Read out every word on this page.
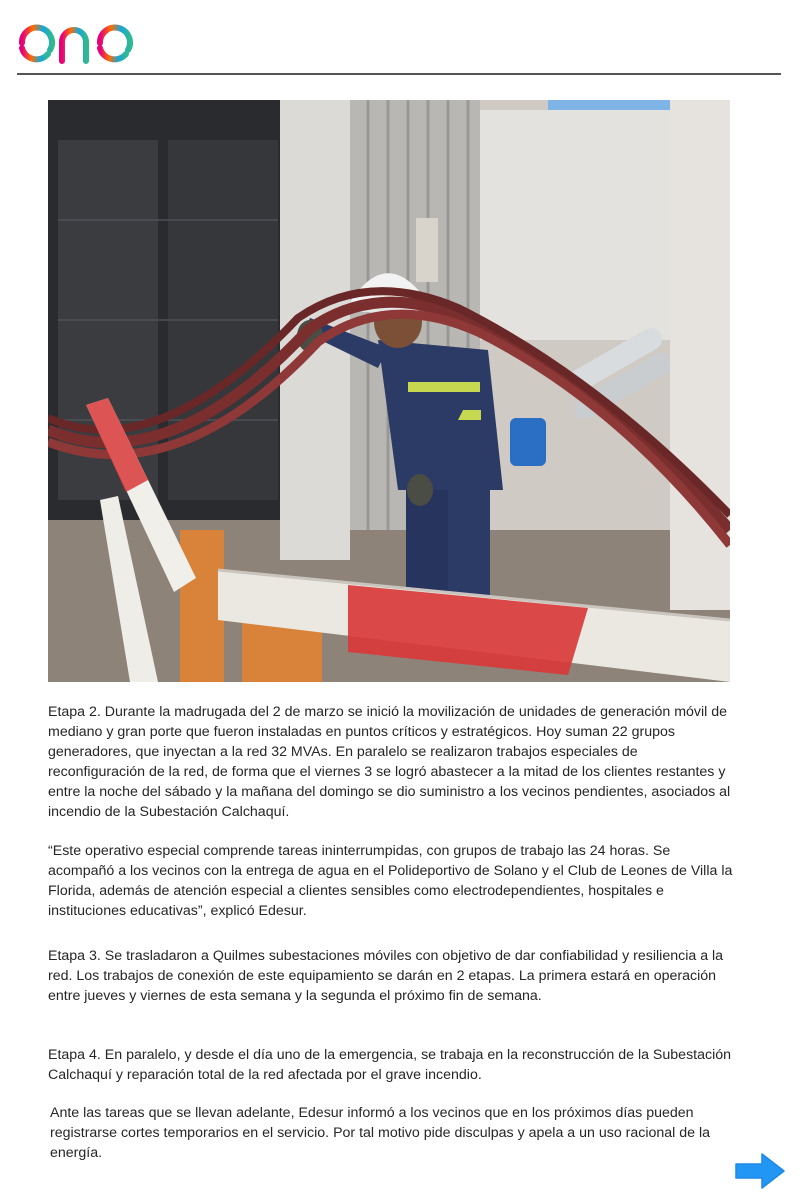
Etapa 2. Durante la madrugada del 2 de marzo se inició la movilización de unidades de generación móvil de mediano y gran porte que fueron instaladas en puntos críticos y estratégicos. Hoy suman 22 grupos generadores, que inyectan a la red 32 MVAs. En paralelo se realizaron trabajos especiales de reconfiguración de la red, de forma que el viernes 3 se logró abastecer a la mitad de los clientes restantes y entre la noche del sábado y la mañana del domingo se dio suministro a los vecinos pendientes, asociados al incendio de la Subestación Calchaquí.

“Este operativo especial comprende tareas ininterrumpidas, con grupos de trabajo las 24 horas. Se acompañó a los vecinos con la entrega de agua en el Polideportivo de Solano y el Club de Leones de Villa la Florida, además de atención especial a clientes sensibles como electrodependientes, hospitales e instituciones educativas”, explicó Edesur.

Etapa 3. Se trasladaron a Quilmes subestaciones móviles con objetivo de dar confiabilidad y resiliencia a la red. Los trabajos de conexión de este equipamiento se darán en 2 etapas. La primera estará en operación entre jueves y viernes de esta semana y la segunda el próximo fin de semana.

Etapa 4. En paralelo, y desde el día uno de la emergencia, se trabaja en la reconstrucción de la Subestación Calchaquí y reparación total de la red afectada por el grave incendio.

Ante las tareas que se llevan adelante, Edesur informó a los vecinos que en los próximos días pueden registrarse cortes temporarios en el servicio. Por tal motivo pide disculpas y apela a un uso racional de la energía.
